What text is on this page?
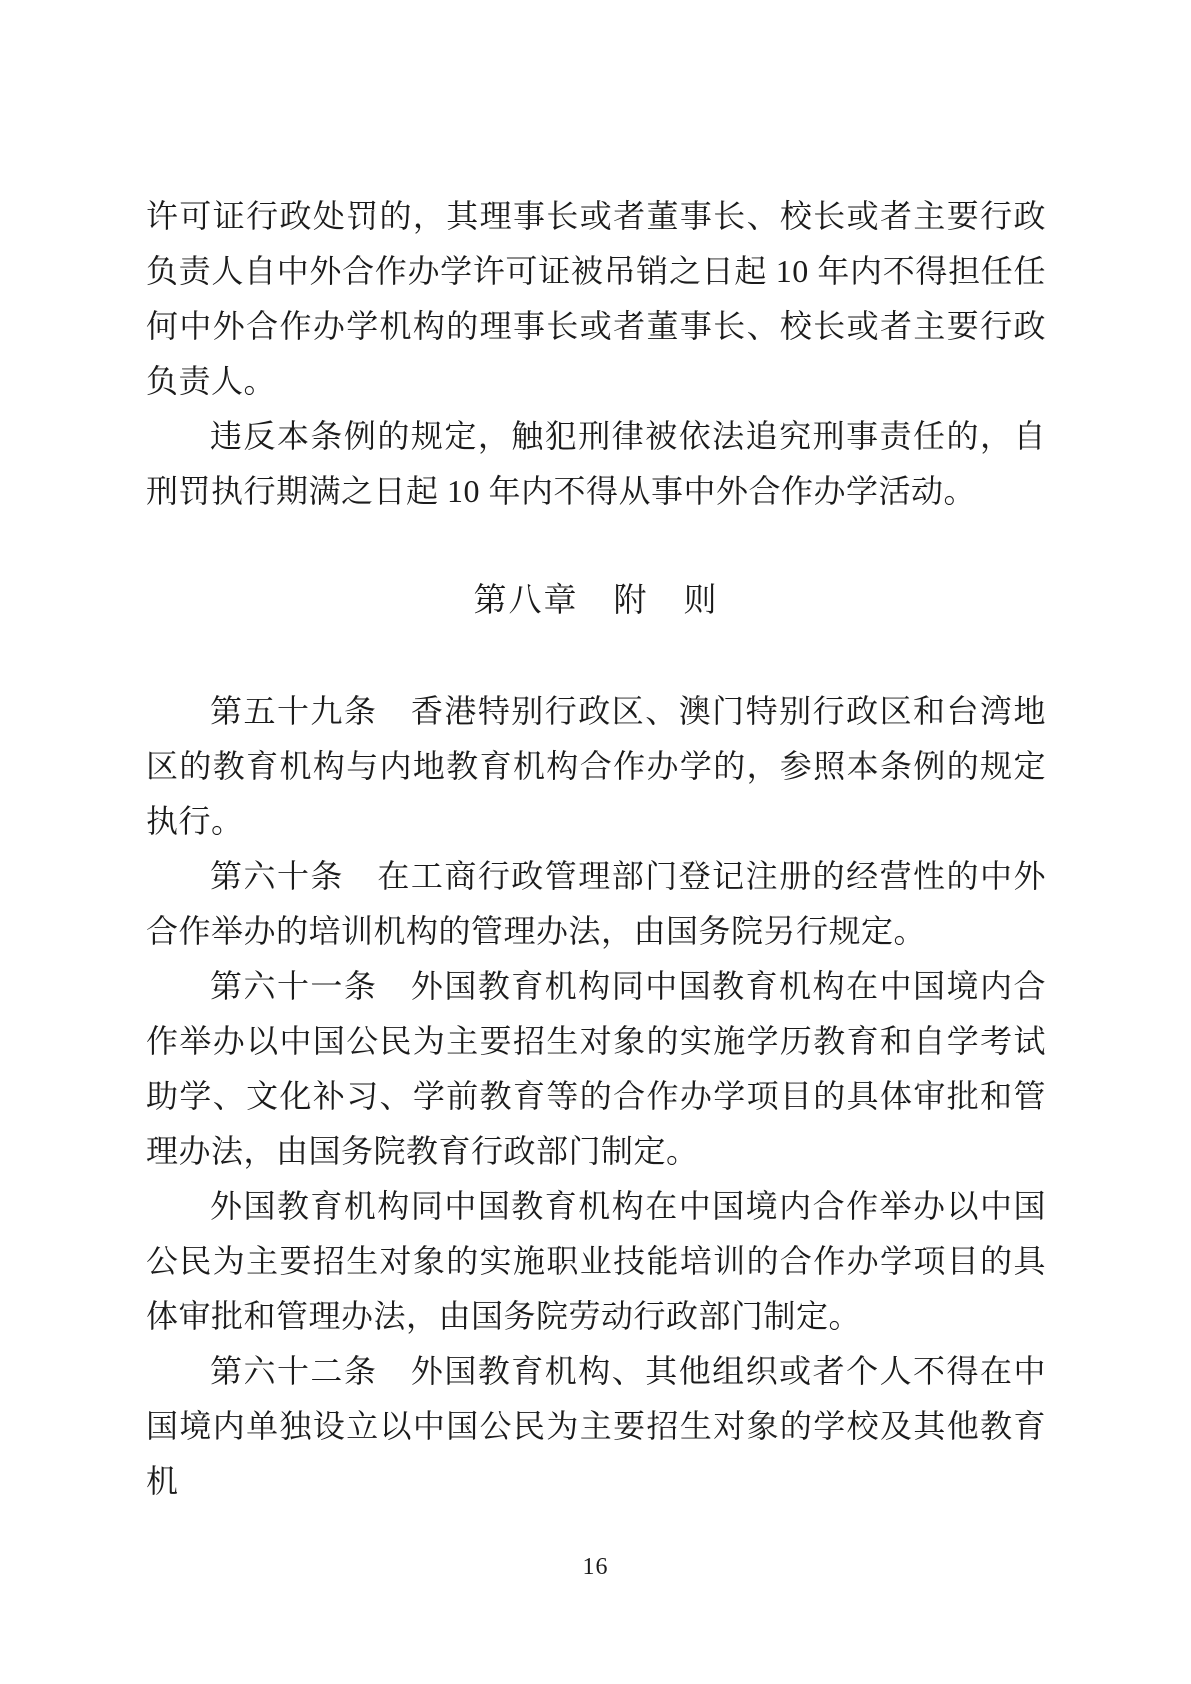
许可证行政处罚的，其理事长或者董事长、校长或者主要行政负责人自中外合作办学许可证被吊销之日起 10 年内不得担任任何中外合作办学机构的理事长或者董事长、校长或者主要行政负责人。

违反本条例的规定，触犯刑律被依法追究刑事责任的，自刑罚执行期满之日起 10 年内不得从事中外合作办学活动。

第八章　附　则

第五十九条　香港特别行政区、澳门特别行政区和台湾地区的教育机构与内地教育机构合作办学的，参照本条例的规定执行。

第六十条　在工商行政管理部门登记注册的经营性的中外合作举办的培训机构的管理办法，由国务院另行规定。

第六十一条　外国教育机构同中国教育机构在中国境内合作举办以中国公民为主要招生对象的实施学历教育和自学考试助学、文化补习、学前教育等的合作办学项目的具体审批和管理办法，由国务院教育行政部门制定。

外国教育机构同中国教育机构在中国境内合作举办以中国公民为主要招生对象的实施职业技能培训的合作办学项目的具体审批和管理办法，由国务院劳动行政部门制定。

第六十二条　外国教育机构、其他组织或者个人不得在中国境内单独设立以中国公民为主要招生对象的学校及其他教育机

16
